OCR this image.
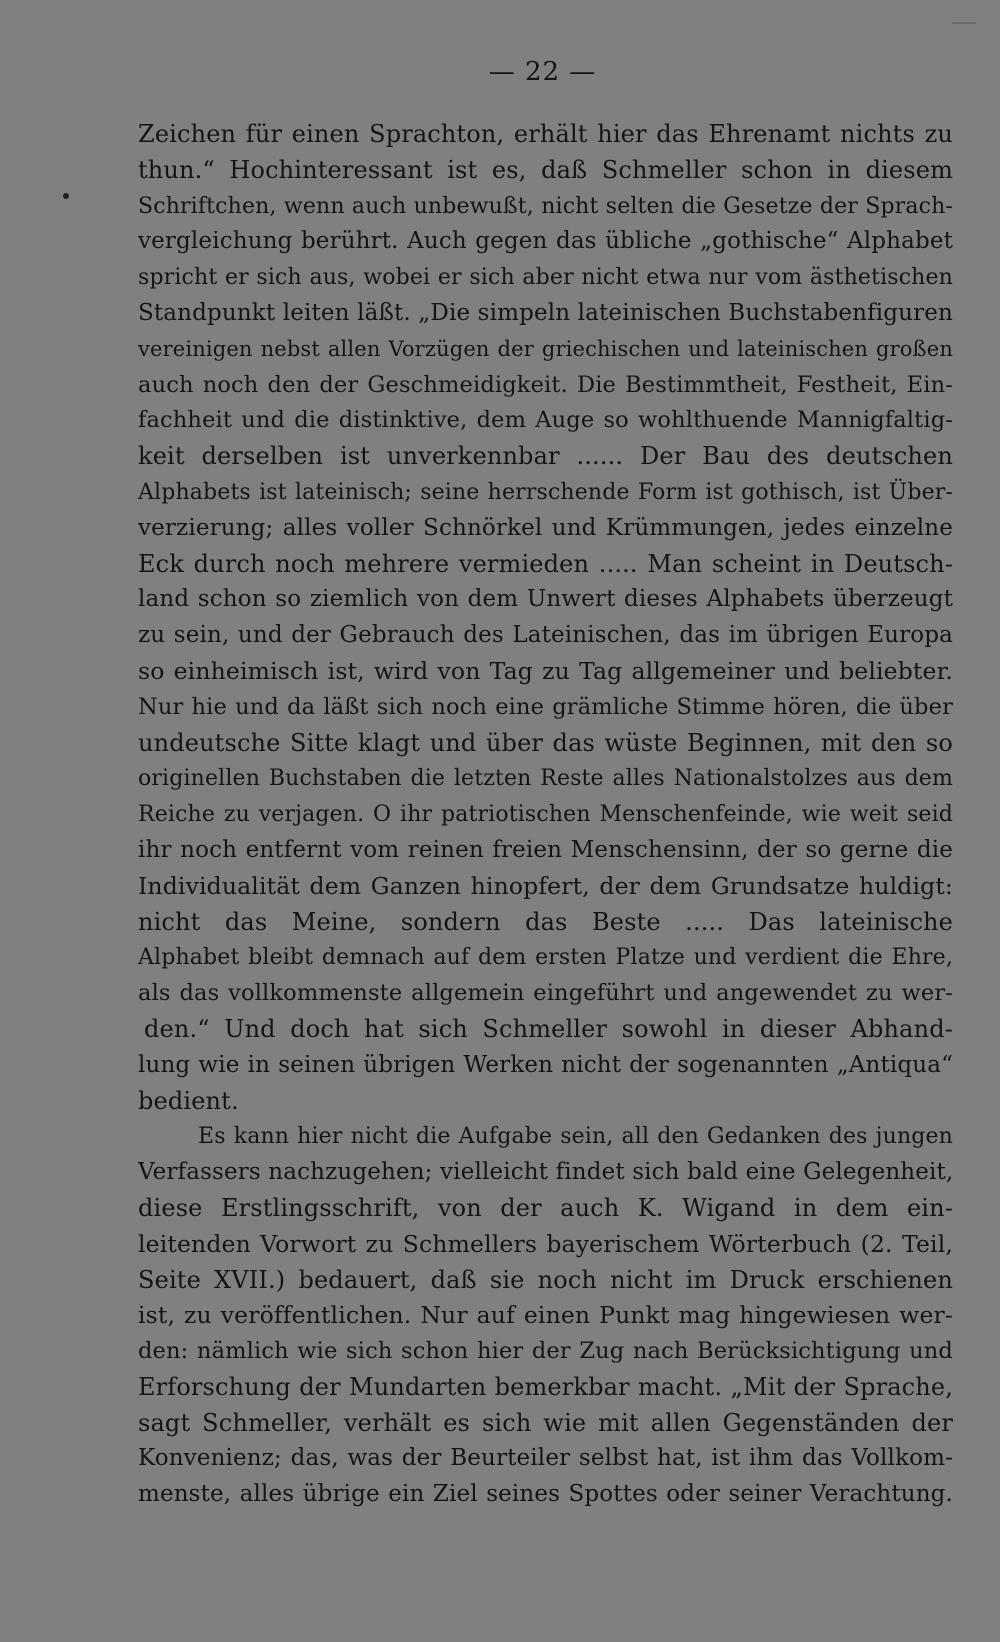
— 22 —
Zeichen für einen Sprachton, erhält hier das Ehrenamt nichts zu
thun.“ Hochinteressant ist es, daß Schmeller schon in diesem
Schriftchen, wenn auch unbewußt, nicht selten die Gesetze der Sprach-
vergleichung berührt. Auch gegen das übliche „gothische“ Alphabet
spricht er sich aus, wobei er sich aber nicht etwa nur vom ästhetischen
Standpunkt leiten läßt. „Die simpeln lateinischen Buchstabenfiguren
vereinigen nebst allen Vorzügen der griechischen und lateinischen großen
auch noch den der Geschmeidigkeit. Die Bestimmtheit, Festheit, Ein-
fachheit und die distinktive, dem Auge so wohlthuende Mannigfaltig-
keit derselben ist unverkennbar ...... Der Bau des deutschen
Alphabets ist lateinisch; seine herrschende Form ist gothisch, ist Über-
verzierung; alles voller Schnörkel und Krümmungen, jedes einzelne
Eck durch noch mehrere vermieden ..... Man scheint in Deutsch-
land schon so ziemlich von dem Unwert dieses Alphabets überzeugt
zu sein, und der Gebrauch des Lateinischen, das im übrigen Europa
so einheimisch ist, wird von Tag zu Tag allgemeiner und beliebter.
Nur hie und da läßt sich noch eine grämliche Stimme hören, die über
undeutsche Sitte klagt und über das wüste Beginnen, mit den so
originellen Buchstaben die letzten Reste alles Nationalstolzes aus dem
Reiche zu verjagen. O ihr patriotischen Menschenfeinde, wie weit seid
ihr noch entfernt vom reinen freien Menschensinn, der so gerne die
Individualität dem Ganzen hinopfert, der dem Grundsatze huldigt:
nicht das Meine, sondern das Beste ..... Das lateinische
Alphabet bleibt demnach auf dem ersten Platze und verdient die Ehre,
als das vollkommenste allgemein eingeführt und angewendet zu wer-
den.“ Und doch hat sich Schmeller sowohl in dieser Abhand-
lung wie in seinen übrigen Werken nicht der sogenannten „Antiqua“
bedient.
Es kann hier nicht die Aufgabe sein, all den Gedanken des jungen
Verfassers nachzugehen; vielleicht findet sich bald eine Gelegenheit,
diese Erstlingsschrift, von der auch K. Wigand in dem ein-
leitenden Vorwort zu Schmellers bayerischem Wörterbuch (2. Teil,
Seite XVII.) bedauert, daß sie noch nicht im Druck erschienen
ist, zu veröffentlichen. Nur auf einen Punkt mag hingewiesen wer-
den: nämlich wie sich schon hier der Zug nach Berücksichtigung und
Erforschung der Mundarten bemerkbar macht. „Mit der Sprache,
sagt Schmeller, verhält es sich wie mit allen Gegenständen der
Konvenienz; das, was der Beurteiler selbst hat, ist ihm das Vollkom-
menste, alles übrige ein Ziel seines Spottes oder seiner Verachtung.
